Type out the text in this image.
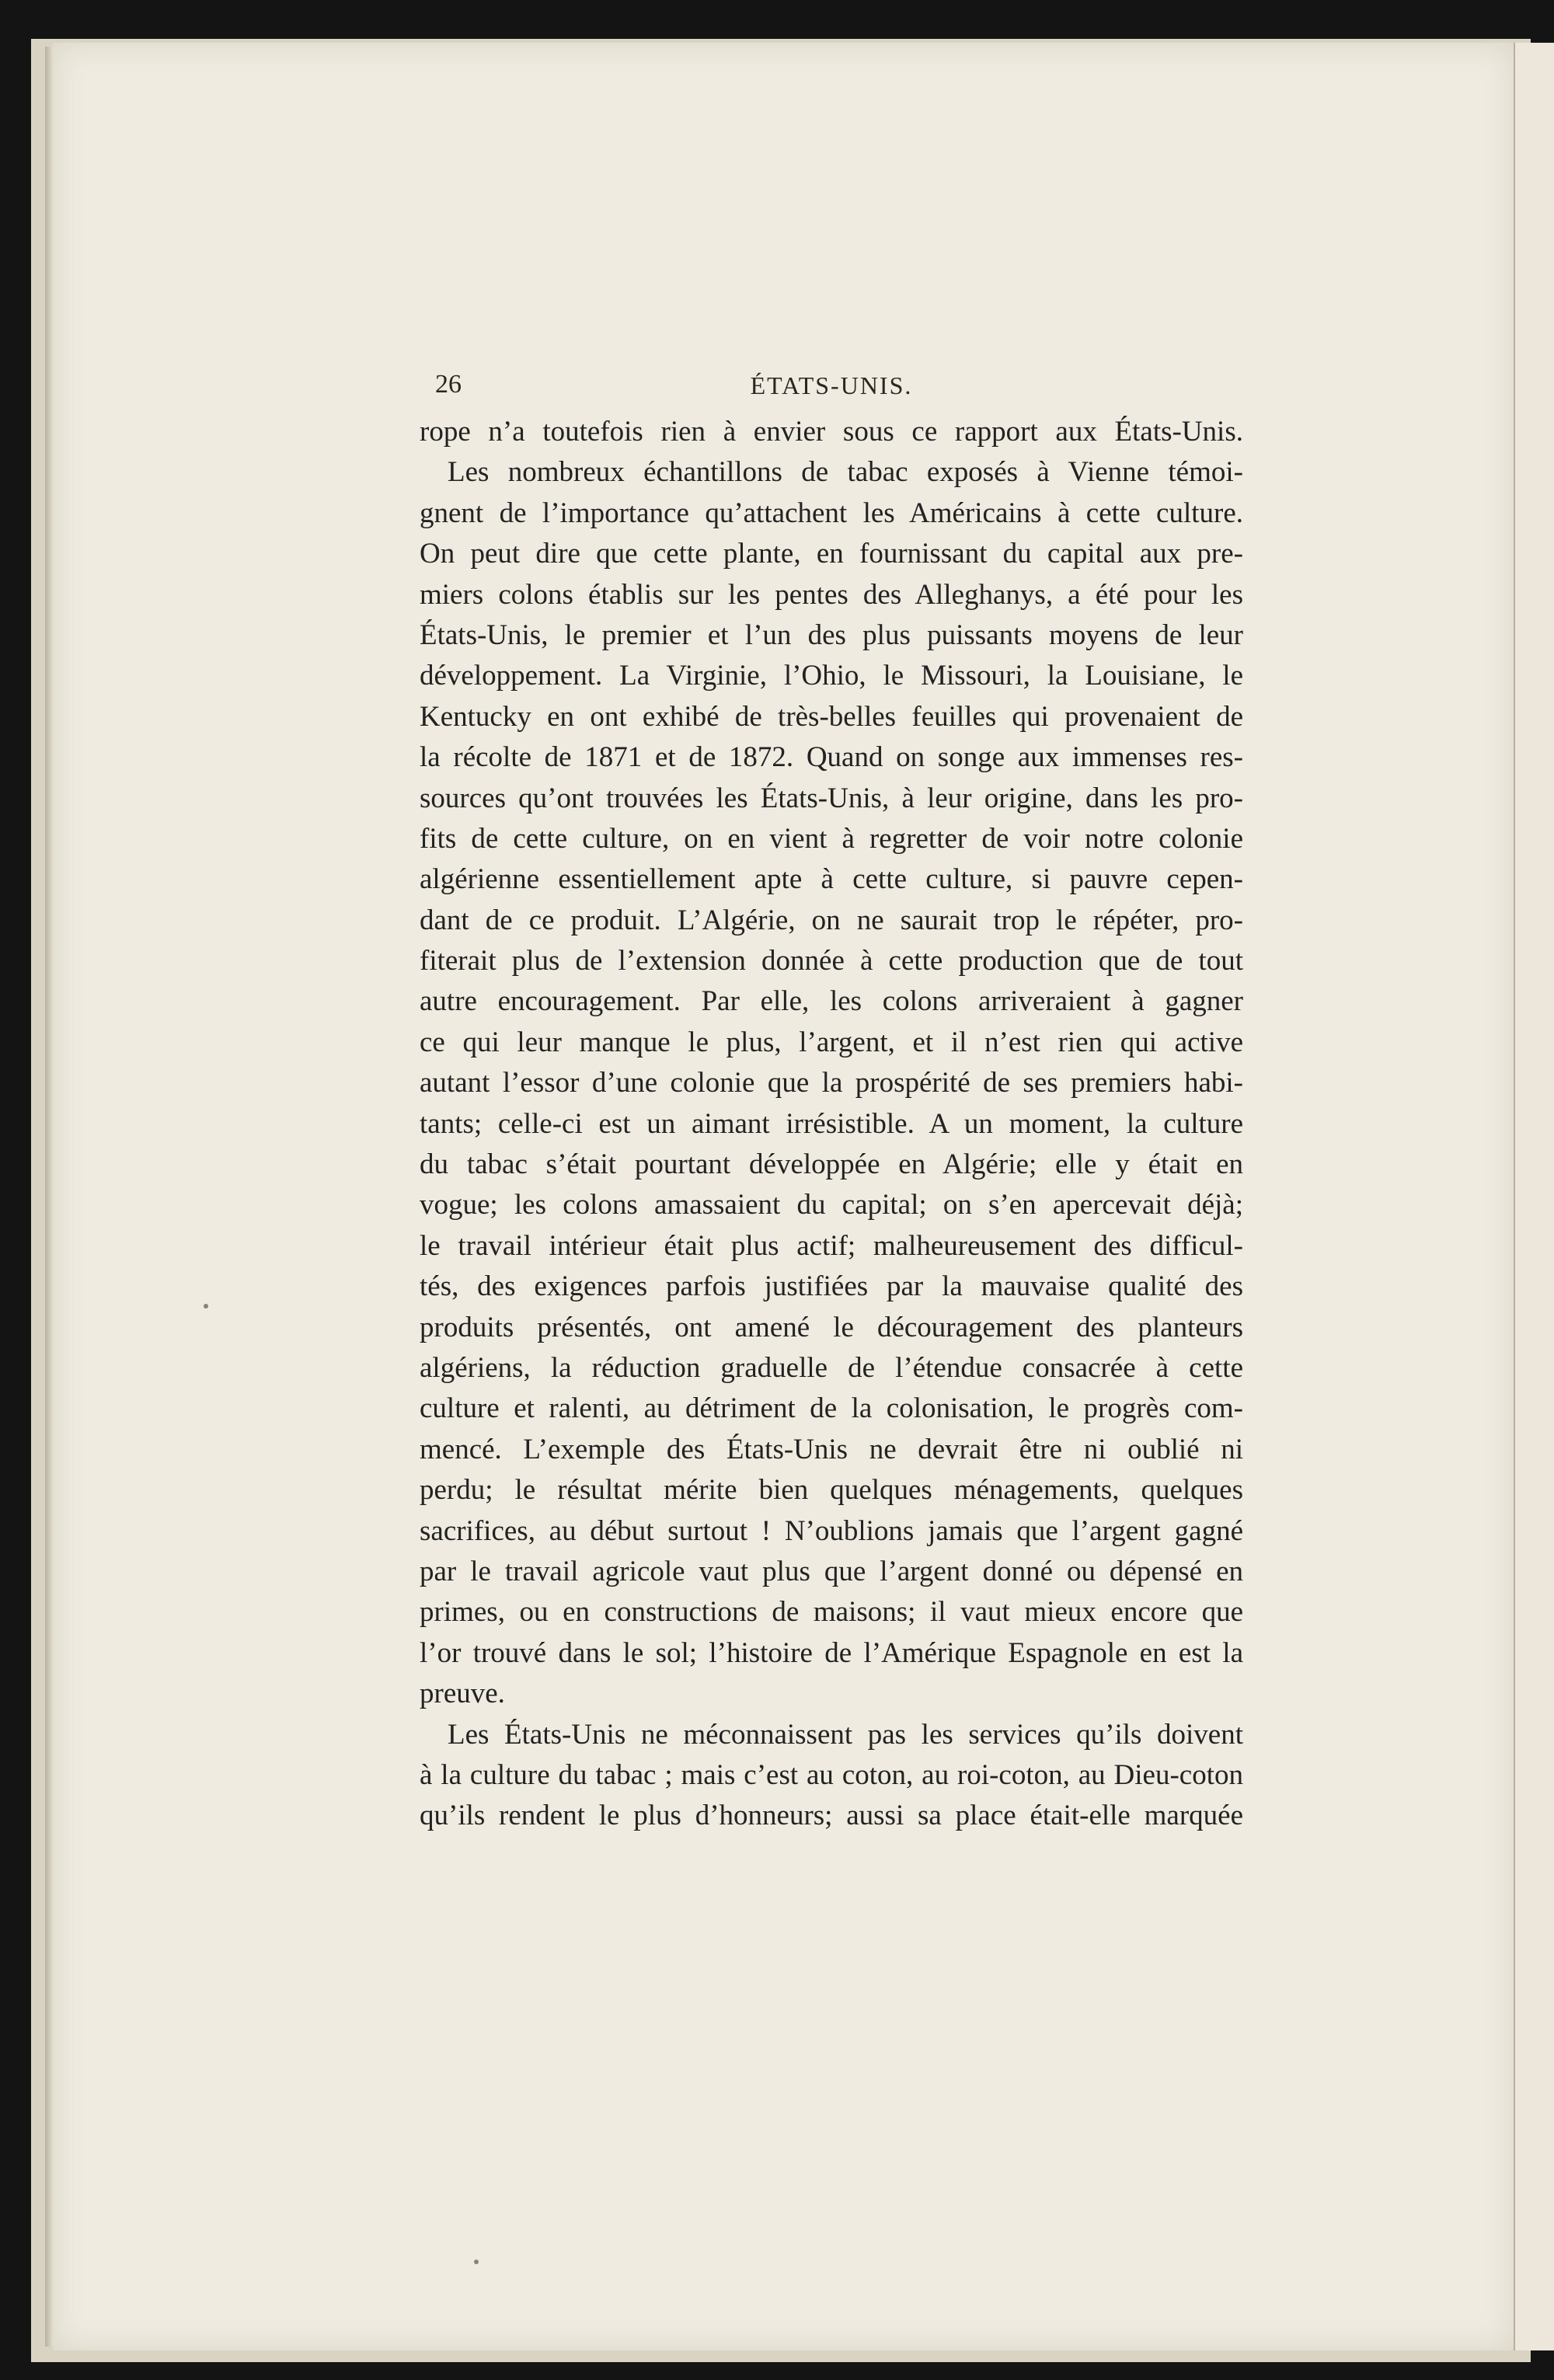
26	ÉTATS-UNIS.
rope n’a toutefois rien à envier sous ce rapport aux États-Unis.
Les nombreux échantillons de tabac exposés à Vienne témoi-
gnent de l’importance qu’attachent les Américains à cette culture.
On peut dire que cette plante, en fournissant du capital aux pre-
miers colons établis sur les pentes des Alleghanys, a été pour les
États-Unis, le premier et l’un des plus puissants moyens de leur
développement. La Virginie, l’Ohio, le Missouri, la Louisiane, le
Kentucky en ont exhibé de très-belles feuilles qui provenaient de
la récolte de 1871 et de 1872. Quand on songe aux immenses res-
sources qu’ont trouvées les États-Unis, à leur origine, dans les pro-
fits de cette culture, on en vient à regretter de voir notre colonie
algérienne essentiellement apte à cette culture, si pauvre cepen-
dant de ce produit. L’Algérie, on ne saurait trop le répéter, pro-
fiterait plus de l’extension donnée à cette production que de tout
autre encouragement. Par elle, les colons arriveraient à gagner
ce qui leur manque le plus, l’argent, et il n’est rien qui active
autant l’essor d’une colonie que la prospérité de ses premiers habi-
tants; celle-ci est un aimant irrésistible. A un moment, la culture
du tabac s’était pourtant développée en Algérie; elle y était en
vogue; les colons amassaient du capital; on s’en apercevait déjà;
le travail intérieur était plus actif; malheureusement des difficul-
tés, des exigences parfois justifiées par la mauvaise qualité des
produits présentés, ont amené le découragement des planteurs
algériens, la réduction graduelle de l’étendue consacrée à cette
culture et ralenti, au détriment de la colonisation, le progrès com-
mencé. L’exemple des États-Unis ne devrait être ni oublié ni
perdu; le résultat mérite bien quelques ménagements, quelques
sacrifices, au début surtout ! N’oublions jamais que l’argent gagné
par le travail agricole vaut plus que l’argent donné ou dépensé en
primes, ou en constructions de maisons; il vaut mieux encore que
l’or trouvé dans le sol; l’histoire de l’Amérique Espagnole en est la
preuve.
Les États-Unis ne méconnaissent pas les services qu’ils doivent
à la culture du tabac ; mais c’est au coton, au roi-coton, au Dieu-coton
qu’ils rendent le plus d’honneurs; aussi sa place était-elle marquée
